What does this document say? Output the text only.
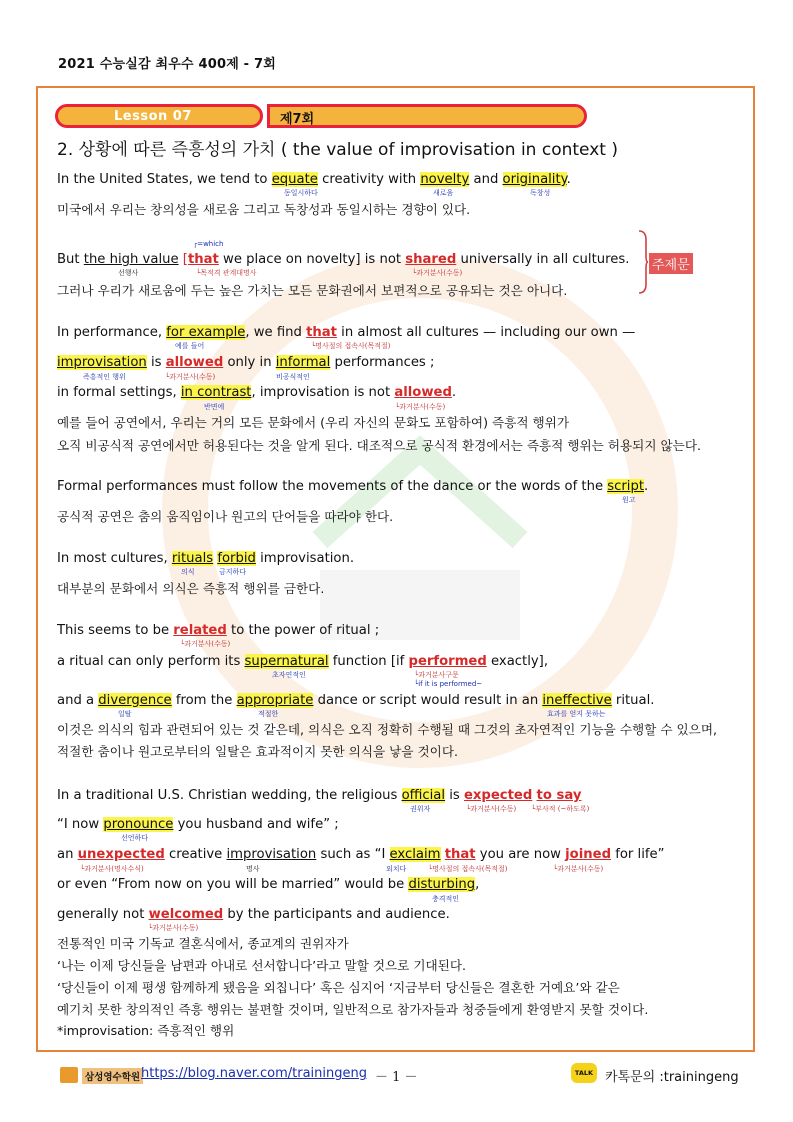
2021 수능실감 최우수 400제 - 7회
Lesson 07	제7회
2. 상황에 따른 즉흥성의 가치 ( the value of improvisation in context )
In the United States, we tend to equate creativity with novelty and originality.
동일시하다	새로움	독창성
미국에서 우리는 창의성을 새로움 그리고 독창성과 동일시하는 경향이 있다.
┌=which
But the high value [that we place on novelty] is not shared universally in all cultures.
선행사	└목적격 관계대명사	└과거분사(수동)
그러나 우리가 새로움에 두는 높은 가치는 모든 문화권에서 보편적으로 공유되는 것은 아니다.
주제문
In performance, for example, we find that in almost all cultures — including our own —
예를 들어	└명사절의 접속사(목적절)
improvisation is allowed only in informal performances ;
즉흥적인 행위	└과거분사(수동)	비공식적인
in formal settings, in contrast, improvisation is not allowed.
반면에	└과거분사(수동)
예를 들어 공연에서, 우리는 거의 모든 문화에서 (우리 자신의 문화도 포함하여) 즉흥적 행위가
오직 비공식적 공연에서만 허용된다는 것을 알게 된다. 대조적으로 공식적 환경에서는 즉흥적 행위는 허용되지 않는다.
Formal performances must follow the movements of the dance or the words of the script.
원고
공식적 공연은 춤의 움직임이나 원고의 단어들을 따라야 한다.
In most cultures, rituals forbid improvisation.
의식	금지하다
대부분의 문화에서 의식은 즉흥적 행위를 금한다.
This seems to be related to the power of ritual ;
└과거분사(수동)
a ritual can only perform its supernatural function [if performed exactly],
초자연적인	└과거분사구문
└if it is performed~
and a divergence from the appropriate dance or script would result in an ineffective ritual.
일탈	적절한	효과를 얻지 못하는
이것은 의식의 힘과 관련되어 있는 것 같은데, 의식은 오직 정확히 수행될 때 그것의 초자연적인 기능을 수행할 수 있으며,
적절한 춤이나 원고로부터의 일탈은 효과적이지 못한 의식을 낳을 것이다.
In a traditional U.S. Christian wedding, the religious official is expected to say
권위자	└과거분사(수동) └부사적 (~하도록)
“I now pronounce you husband and wife” ;
선언하다
an unexpected creative improvisation such as “I exclaim that you are now joined for life”
└과거분사(명사수식)	명사	외치다	└명사절의 접속사(목적절)	└과거분사(수동)
or even “From now on you will be married” would be disturbing,
충격적인
generally not welcomed by the participants and audience.
└과거분사(수동)
전통적인 미국 기독교 결혼식에서, 종교계의 권위자가
‘나는 이제 당신들을 남편과 아내로 선서합니다’라고 말할 것으로 기대된다.
‘당신들이 이제 평생 함께하게 됐음을 외칩니다’ 혹은 심지어 ‘지금부터 당신들은 결혼한 거예요’와 같은
예기치 못한 창의적인 즉흥 행위는 불편할 것이며, 일반적으로 참가자들과 청중들에게 환영받지 못할 것이다.
*improvisation: 즉흥적인 행위
삼성영수학원 https://blog.naver.com/trainingeng － 1 －	TALK 카톡문의 :trainingeng
